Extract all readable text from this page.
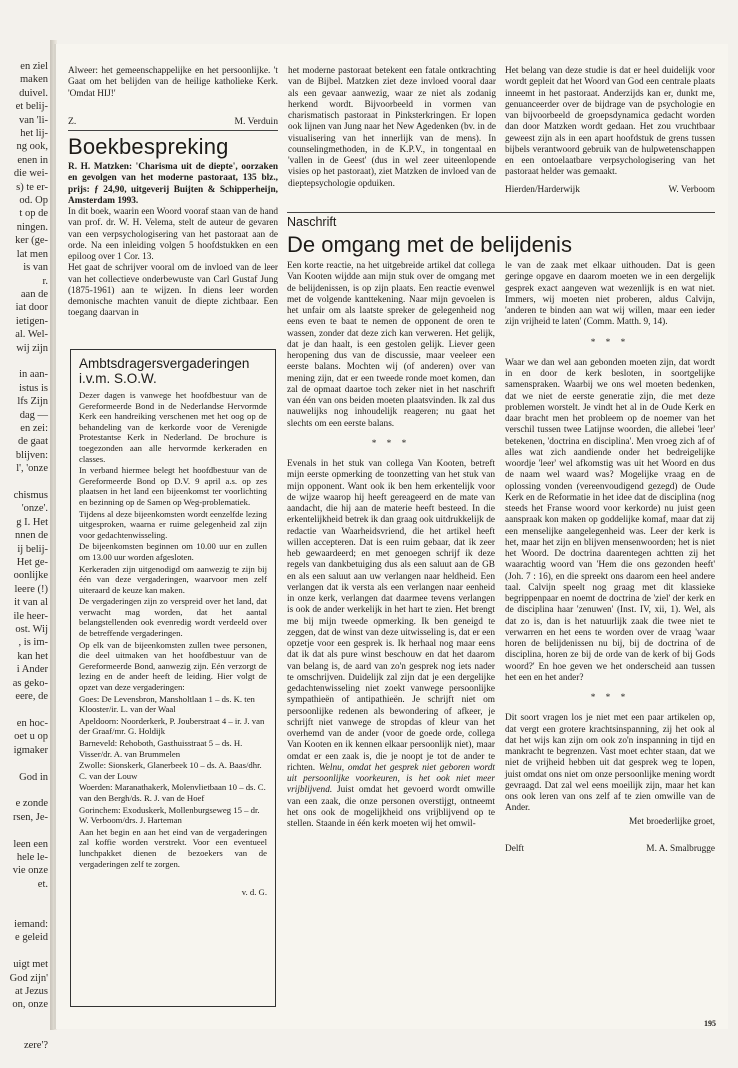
en ziel
maken
duivel.
et belij-
van 'li-
het lij-
ng ook,
enen in
die wei-
s) te er-
od. Op
t op de
ningen.
ker (ge-
lat men
is van
r.
aan de
iat door
ietigen-
al. Wel-
wij zijn

in aan-
istus is
lfs Zijn
dag —
en zei:
de gaat
blijven:
l', 'onze

chismus
'onze'.
g I. Het
nnen de
ij belij-
Het ge-
oonlijke
leere (!)
it van al
ile heer-
ost. Wij
, is im-
kan het
i Ander
as geko-
eere, de

en hoc-
oet u op
igmaker

God in

e zonde
rsen, Je-

leen een
hele le-
vie onze
et.

iemand:
e geleid

uigt met
God zijn'
at Jezus
on, onze

zere'?

Alweer: het gemeenschappelijke en het persoonlijke. 't Gaat om het belijden van de heilige katholieke Kerk. 'Omdat HIJ!'

Z.	M. Verduin
Boekbespreking

R. H. Matzken: 'Charisma uit de diepte', oorzaken en gevolgen van het moderne pastoraat, 135 blz., prijs: ƒ 24,90, uitgeverij Buijten & Schipperheijn, Amsterdam 1993.

In dit boek, waarin een Woord vooraf staan van de hand van prof. dr. W. H. Velema, stelt de auteur de gevaren van een verpsychologisering van het pastoraat aan de orde. Na een inleiding volgen 5 hoofdstukken en een epiloog over 1 Cor. 13.

Het gaat de schrijver vooral om de invloed van de leer van het collectieve onderbewuste van Carl Gustaf Jung (1875-1961) aan te wijzen. In diens leer worden demonische machten vanuit de diepte zichtbaar. Een toegang daarvan in

het moderne pastoraat betekent een fatale ontkrachting van de Bijbel. Matzken ziet deze invloed vooral daar als een gevaar aanwezig, waar ze niet als zodanig herkend wordt. Bijvoorbeeld in vormen van charismatisch pastoraat in Pinksterkringen. Er lopen ook lijnen van Jung naar het New Agedenken (bv. in de visualisering van het innerlijk van de mens). In counselingmethoden, in de K.P.V., in tongentaal en 'vallen in de Geest' (dus in wel zeer uiteenlopende visies op het pastoraat), ziet Matzken de invloed van de dieptepsychologie opduiken.

Het belang van deze studie is dat er heel duidelijk voor wordt gepleit dat het Woord van God een centrale plaats inneemt in het pastoraat. Anderzijds kan er, dunkt me, genuanceerder over de bijdrage van de psychologie en van bijvoorbeeld de groepsdynamica gedacht worden dan door Matzken wordt gedaan. Het zou vruchtbaar geweest zijn als in een apart hoofdstuk de grens tussen bijbels verantwoord gebruik van de hulpwetenschappen en een ontoelaatbare verpsychologisering van het pastoraat helder was gemaakt.

Hierden/Harderwijk	W. Verboom
Ambtsdragersvergaderingen i.v.m. S.O.W.

Dezer dagen is vanwege het hoofdbestuur van de Gereformeerde Bond in de Nederlandse Hervormde Kerk een handreiking verschenen met het oog op de behandeling van de kerkorde voor de Verenigde Protestantse Kerk in Nederland. De brochure is toegezonden aan alle hervormde kerkeraden en classes.

In verband hiermee belegt het hoofdbestuur van de Gereformeerde Bond op D.V. 9 april a.s. op zes plaatsen in het land een bijeenkomst ter voorlichting en bezinning op de Samen op Weg-problematiek.

Tijdens al deze bijeenkomsten wordt eenzelfde lezing uitgesproken, waarna er ruime gelegenheid zal zijn voor gedachtenwisseling.

De bijeenkomsten beginnen om 10.00 uur en zullen om 13.00 uur worden afgesloten.

Kerkeraden zijn uitgenodigd om aanwezig te zijn bij één van deze vergaderingen, waarvoor men zelf uiteraard de keuze kan maken.

De vergaderingen zijn zo verspreid over het land, dat verwacht mag worden, dat het aantal belangstellenden ook evenredig wordt verdeeld over de betreffende vergaderingen.

Op elk van de bijeenkomsten zullen twee personen, die deel uitmaken van het hoofdbestuur van de Gereformeerde Bond, aanwezig zijn. Eén verzorgt de lezing en de ander heeft de leiding. Hier volgt de opzet van deze vergaderingen:

Goes: De Levensbron, Mansholtlaan 1 – ds. K. ten Klooster/ir. L. van der Waal

Apeldoorn: Noorderkerk, P. Jouberstraat 4 – ir. J. van der Graaf/mr. G. Holdijk

Barneveld: Rehoboth, Gasthuisstraat 5 – ds. H. Visser/dr. A. van Brummelen

Zwolle: Sionskerk, Glanerbeek 10 – ds. A. Baas/dhr. C. van der Louw

Woerden: Maranathakerk, Molenvlietbaan 10 – ds. C. van den Bergh/ds. R. J. van de Hoef

Gorinchem: Exoduskerk, Mollenburgseweg 15 – dr. W. Verboom/drs. J. Harteman

Aan het begin en aan het eind van de vergaderingen zal koffie worden verstrekt. Voor een eventueel lunchpakket dienen de bezoekers van de vergaderingen zelf te zorgen.

v. d. G.
Naschrift
De omgang met de belijdenis

Een korte reactie, na het uitgebreide artikel dat collega Van Kooten wijdde aan mijn stuk over de omgang met de belijdenissen, is op zijn plaats. Een reactie evenwel met de volgende kanttekening. Naar mijn gevoelen is het unfair om als laatste spreker de gelegenheid nog eens even te baat te nemen de opponent de oren te wassen, zonder dat deze zich kan verweren. Het gelijk, dat je dan haalt, is een gestolen gelijk. Liever geen heropening dus van de discussie, maar veeleer een eerste balans. Mochten wij (of anderen) over van mening zijn, dat er een tweede ronde moet komen, dan zal de opmaat daartoe toch zeker niet in het naschrift van één van ons beiden moeten plaatsvinden. Ik zal dus nauwelijks nog inhoudelijk reageren; nu gaat het slechts om een eerste balans.

* * *

Evenals in het stuk van collega Van Kooten, betreft mijn eerste opmerking de toonzetting van het stuk van mijn opponent. Want ook ik ben hem erkentelijk voor de wijze waarop hij heeft gereageerd en de mate van aandacht, die hij aan de materie heeft besteed. In die erkentelijkheid betrek ik dan graag ook uitdrukkelijk de redactie van Waarheidsvriend, die het artikel heeft willen accepteren. Dat is een ruim gebaar, dat ik zeer heb gewaardeerd; en met genoegen schrijf ik deze regels van dankbetuiging dus als een saluut aan de GB en als een saluut aan uw verlangen naar heldheid. Een verlangen dat ik versta als een verlangen naar eenheid in onze kerk, verlangen dat daarmee tevens verlangen is ook de ander werkelijk in het hart te zien. Het brengt me bij mijn tweede opmerking. Ik ben geneigd te zeggen, dat de winst van deze uitwisseling is, dat er een opzetje voor een gesprek is. Ik herhaal nog maar eens dat ik dat als pure winst beschouw en dat het daarom van belang is, de aard van zo'n gesprek nog iets nader te omschrijven. Duidelijk zal zijn dat je een dergelijke gedachtenwisseling niet zoekt vanwege persoonlijke sympathieën of antipathieën. Je schrijft niet om persoonlijke redenen als bewondering of afkeer, je schrijft niet vanwege de stropdas of kleur van het overhemd van de ander (voor de goede orde, collega Van Kooten en ik kennen elkaar persoonlijk niet), maar omdat er een zaak is, die je noopt je tot de ander te richten. Welnu, omdat het gesprek niet geboren wordt uit persoonlijke voorkeuren, is het ook niet meer vrijblijvend. Juist omdat het gevoerd wordt omwille van een zaak, die onze personen overstijgt, ontneemt het ons ook de mogelijkheid ons vrijblijvend op te stellen. Staande in één kerk moeten wij het omwil-

le van de zaak met elkaar uithouden. Dat is geen geringe opgave en daarom moeten we in een dergelijk gesprek exact aangeven wat wezenlijk is en wat niet. Immers, wij moeten niet proberen, aldus Calvijn, 'anderen te binden aan wat wij willen, maar een ieder zijn vrijheid te laten' (Comm. Matth. 9, 14).

* * *

Waar we dan wel aan gebonden moeten zijn, dat wordt in en door de kerk besloten, in soortgelijke samenspraken. Waarbij we ons wel moeten bedenken, dat we niet de eerste generatie zijn, die met deze problemen worstelt. Je vindt het al in de Oude Kerk en daar bracht men het probleem op de noemer van het verschil tussen twee Latijnse woorden, die allebei 'leer' betekenen, 'doctrina en disciplina'. Men vroeg zich af of alles wat zich aandiende onder het bedreigelijke woordje 'leer' wel afkomstig was uit het Woord en dus de naam wel waard was? Mogelijke vraag en de oplossing vonden (vereenvoudigend gezegd) de Oude Kerk en de Reformatie in het idee dat de disciplina (nog steeds het Franse woord voor kerkorde) nu juist geen aanspraak kon maken op goddelijke komaf, maar dat zij een menselijke aangelegenheid was. Leer der kerk is het, maar het zijn en blijven mensenwoorden; het is niet het Woord. De doctrina daarentegen achtten zij het waarachtig woord van 'Hem die ons gezonden heeft' (Joh. 7 : 16), en die spreekt ons daarom een heel andere taal. Calvijn speelt nog graag met dit klassieke begrippenpaar en noemt de doctrina de 'ziel' der kerk en de disciplina haar 'zenuwen' (Inst. IV, xii, 1). Wel, als dat zo is, dan is het natuurlijk zaak die twee niet te verwarren en het eens te worden over de vraag 'waar horen de belijdenissen nu bij, bij de doctrina of de disciplina, horen ze bij de orde van de kerk of bij Gods woord?' En hoe geven we het onderscheid aan tussen het een en het ander?

* * *

Dit soort vragen los je niet met een paar artikelen op, dat vergt een grotere krachtsinspanning, zij het ook al dat het wijs kan zijn om ook zo'n inspanning in tijd en mankracht te begrenzen. Vast moet echter staan, dat we niet de vrijheid hebben uit dat gesprek weg te lopen, juist omdat ons niet om onze persoonlijke mening wordt gevraagd. Dat zal wel eens moeilijk zijn, maar het kan ons ook leren van ons zelf af te zien omwille van de Ander.

Met broederlijke groet,
Delft	M. A. Smalbrugge
195
